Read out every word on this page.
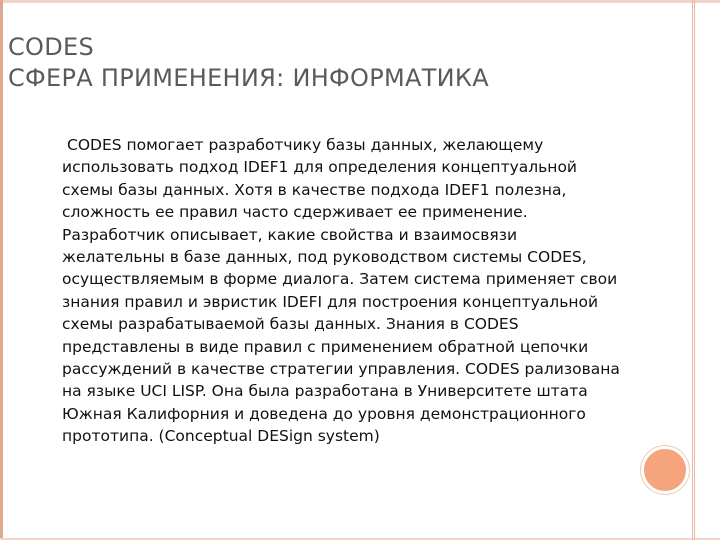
CODES
СФЕРА ПРИМЕНЕНИЯ: ИНФОРМАТИКА
CODES помогает разработчику базы данных, желающему использовать подход IDEF1 для определения концептуальной схемы базы данных. Хотя в качестве подхода IDEF1 полезна, сложность ее правил часто сдерживает ее применение. Разработчик описывает, какие свойства и взаимосвязи желательны в базе данных, под руководством системы CODES, осуществляемым в форме диалога. Затем система применяет свои знания правил и эвристик IDEFI для построения концептуальной схемы разрабатываемой базы данных. Знания в CODES представлены в виде правил с применением обратной цепочки рассуждений в качестве стратегии управления. CODES рализована на языке UCI LISP. Она была разработана в Университете штата Южная Калифорния и доведена до уровня демонстрационного прототипа. (Conceptual DESign system)
